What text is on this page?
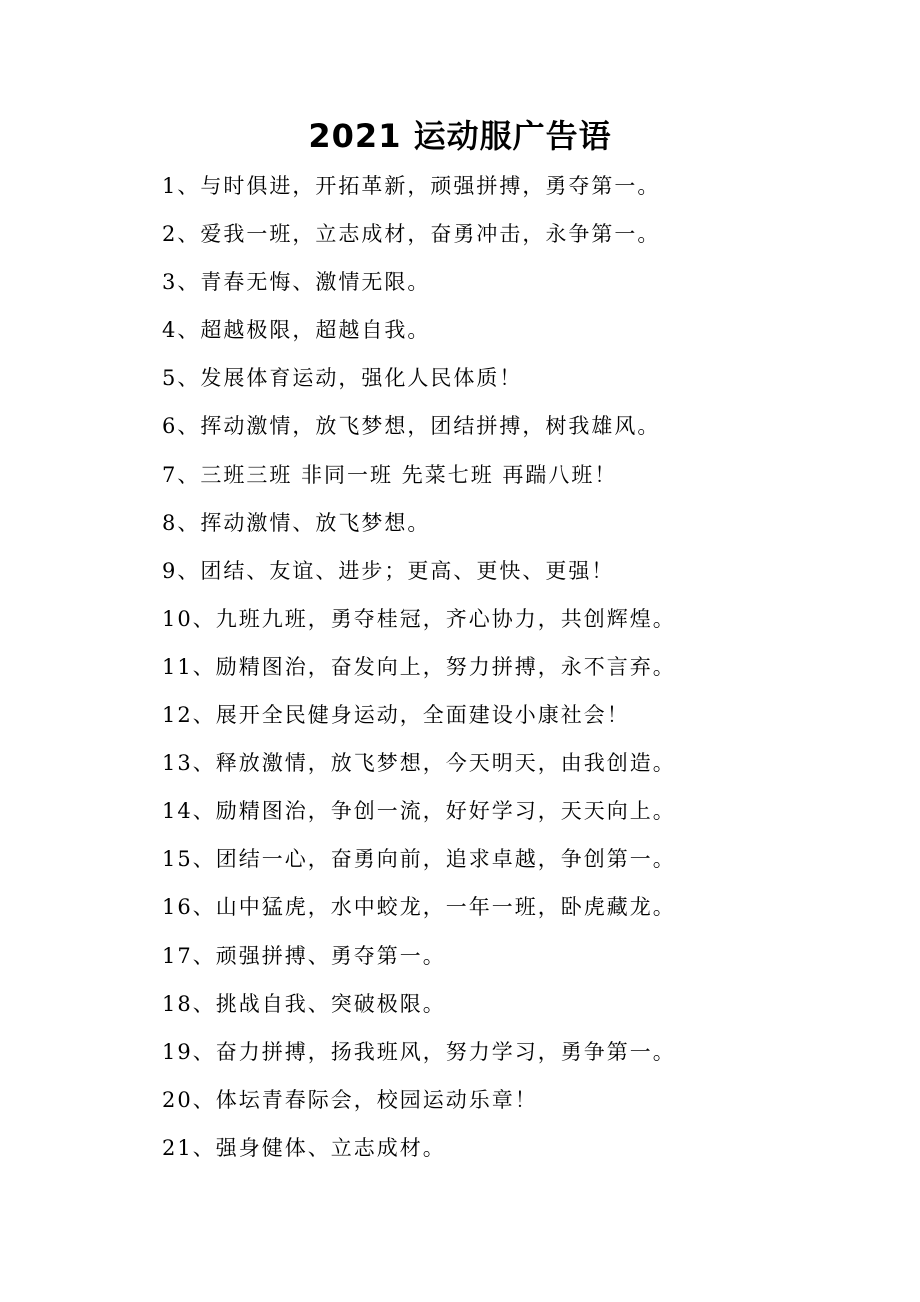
2021 运动服广告语
1、与时俱进，开拓革新，顽强拼搏，勇夺第一。
2、爱我一班，立志成材，奋勇冲击，永争第一。
3、青春无悔、激情无限。
4、超越极限，超越自我。
5、发展体育运动，强化人民体质！
6、挥动激情，放飞梦想，团结拼搏，树我雄风。
7、三班三班 非同一班 先菜七班 再踹八班！
8、挥动激情、放飞梦想。
9、团结、友谊、进步；更高、更快、更强！
10、九班九班，勇夺桂冠，齐心协力，共创辉煌。
11、励精图治，奋发向上，努力拼搏，永不言弃。
12、展开全民健身运动，全面建设小康社会！
13、释放激情，放飞梦想，今天明天，由我创造。
14、励精图治，争创一流，好好学习，天天向上。
15、团结一心，奋勇向前，追求卓越，争创第一。
16、山中猛虎，水中蛟龙，一年一班，卧虎藏龙。
17、顽强拼搏、勇夺第一。
18、挑战自我、突破极限。
19、奋力拼搏，扬我班风，努力学习，勇争第一。
20、体坛青春际会，校园运动乐章！
21、强身健体、立志成材。
